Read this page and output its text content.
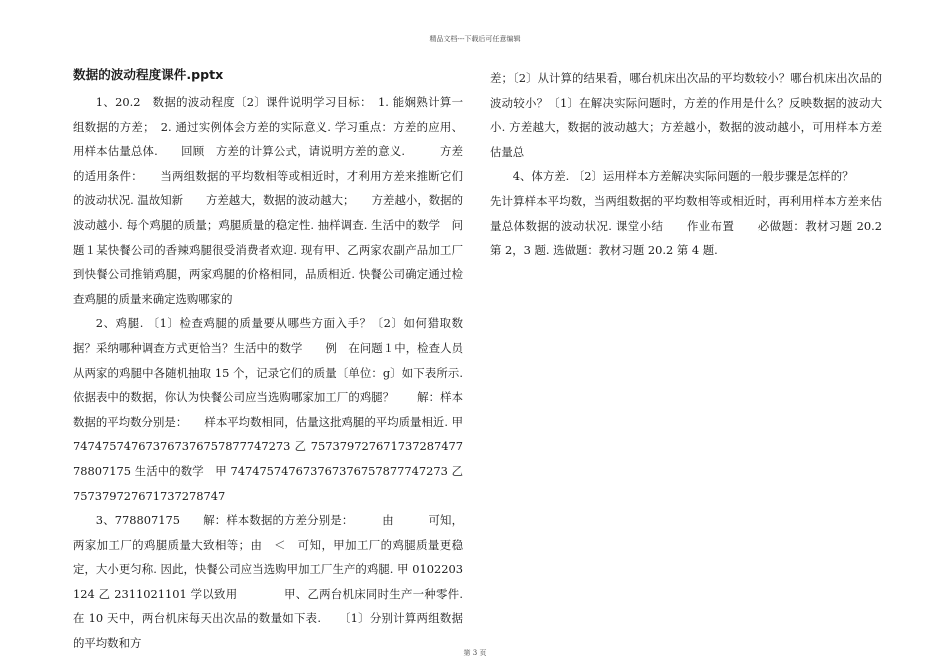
精品文档---下载后可任意编辑
数据的波动程度课件.pptx

1、20.2　数据的波动程度〔2〕课件说明学习目标：　1. 能娴熟计算一组数据的方差；　2. 通过实例体会方差的实际意义. 学习重点：方差的应用、用样本估量总体.　　回顾　方差的计算公式，请说明方差的意义.　　　方差的适用条件：　　当两组数据的平均数相等或相近时，才利用方差来推断它们的波动状况. 温故知新　　方差越大，数据的波动越大；　　方差越小，数据的波动越小. 每个鸡腿的质量；鸡腿质量的稳定性. 抽样调查. 生活中的数学　问题１某快餐公司的香辣鸡腿很受消费者欢迎. 现有甲、乙两家农副产品加工厂到快餐公司推销鸡腿，两家鸡腿的价格相同，品质相近. 快餐公司确定通过检查鸡腿的质量来确定选购哪家的

2、鸡腿. 〔1〕检查鸡腿的质量要从哪些方面入手？〔2〕如何猎取数据？采纳哪种调查方式更恰当？生活中的数学　　例　在问题１中，检查人员从两家的鸡腿中各随机抽取 15 个，记录它们的质量〔单位：g〕如下表所示. 依据表中的数据，你认为快餐公司应当选购哪家加工厂的鸡腿？　　解：样本数据的平均数分别是：　　样本平均数相同，估量这批鸡腿的平均质量相近. 甲 747475747673767376757877747273 乙 757379727671737287477788071​75 生活中的数学　甲 747475747673767376757877747273 乙 7573797276717372​78747

3、778807175　　解：样本数据的方差分别是：　　　由　　　可知，两家加工厂的鸡腿质量大致相等；由　＜　可知，甲加工厂的鸡腿质量更稳定，大小更匀称. 因此，快餐公司应当选购甲加工厂生产的鸡腿. 甲 0102203124 乙 2311021101 学以致用　　　　甲、乙两台机床同时生产一种零件. 在 10 天中，两台机床每天出次品的数量如下表.　　〔1〕分别计算两组数据的平均数和方

差；〔2〕从计算的结果看，哪台机床出次品的平均数较小？哪台机床出次品的波动较小？〔1〕在解决实际问题时，方差的作用是什么？反映数据的波动大小. 方差越大，数据的波动越大；方差越小，数据的波动越小，可用样本方差估量总

4、体方差. 〔2〕运用样本方差解决实际问题的一般步骤是怎样的？

先计算样本平均数，当两组数据的平均数相等或相近时，再利用样本方差来估量总体数据的波动状况. 课堂小结　　作业布置　　必做题：教材习题 20.2 第 2，3 题. 选做题：教材习题 20.2 第 4 题.

第 3 页
